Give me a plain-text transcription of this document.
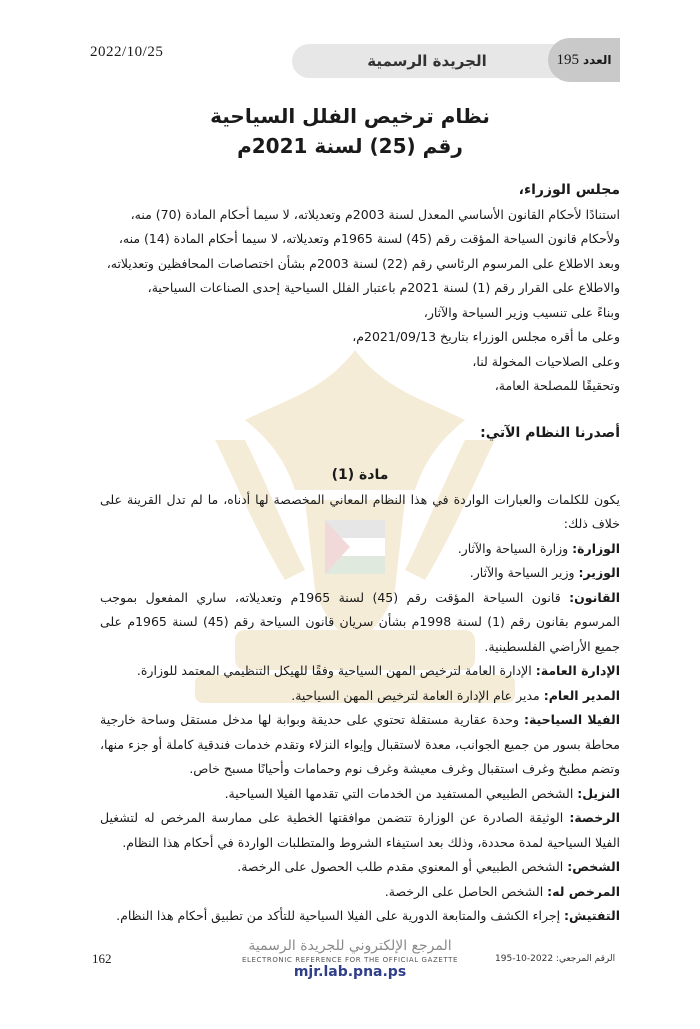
2022/10/25	الجريدة الرسمية	العدد
195
نظام ترخيص الفلل السياحية
رقم (25) لسنة 2021م
مجلس الوزراء،
استنادًا لأحكام القانون الأساسي المعدل لسنة 2003م وتعديلاته، لا سيما أحكام المادة (70) منه،
ولأحكام قانون السياحة المؤقت رقم (45) لسنة 1965م وتعديلاته، لا سيما أحكام المادة (14) منه،
وبعد الاطلاع على المرسوم الرئاسي رقم (22) لسنة 2003م بشأن اختصاصات المحافظين وتعديلاته،
والاطلاع على القرار رقم (1) لسنة 2021م باعتبار الفلل السياحية إحدى الصناعات السياحية،
وبناءً على تنسيب وزير السياحة والآثار،
وعلى ما أقره مجلس الوزراء بتاريخ 2021/09/13م،
وعلى الصلاحيات المخولة لنا،
وتحقيقًا للمصلحة العامة،
أصدرنا النظام الآتي:
مادة (1)
يكون للكلمات والعبارات الواردة في هذا النظام المعاني المخصصة لها أدناه، ما لم تدل القرينة على خلاف ذلك:
الوزارة: وزارة السياحة والآثار.
الوزير: وزير السياحة والآثار.
القانون: قانون السياحة المؤقت رقم (45) لسنة 1965م وتعديلاته، ساري المفعول بموجب المرسوم بقانون رقم (1) لسنة 1998م بشأن سريان قانون السياحة رقم (45) لسنة 1965م على جميع الأراضي الفلسطينية.
الإدارة العامة: الإدارة العامة لترخيص المهن السياحية وفقًا للهيكل التنظيمي المعتمد للوزارة.
المدير العام: مدير عام الإدارة العامة لترخيص المهن السياحية.
الفيلا السياحية: وحدة عقارية مستقلة تحتوي على حديقة وبوابة لها مدخل مستقل وساحة خارجية محاطة بسور من جميع الجوانب، معدة لاستقبال وإيواء النزلاء وتقدم خدمات فندقية كاملة أو جزء منها، وتضم مطبخ وغرف استقبال وغرف معيشة وغرف نوم وحمامات وأحيانًا مسبح خاص.
النزيل: الشخص الطبيعي المستفيد من الخدمات التي تقدمها الفيلا السياحية.
الرخصة: الوثيقة الصادرة عن الوزارة تتضمن موافقتها الخطية على ممارسة المرخص له لتشغيل الفيلا السياحية لمدة محددة، وذلك بعد استيفاء الشروط والمتطلبات الواردة في أحكام هذا النظام.
الشخص: الشخص الطبيعي أو المعنوي مقدم طلب الحصول على الرخصة.
المرخص له: الشخص الحاصل على الرخصة.
التفتيش: إجراء الكشف والمتابعة الدورية على الفيلا السياحية للتأكد من تطبيق أحكام هذا النظام.
162
المرجع الإلكتروني للجريدة الرسمية
ELECTRONIC REFERENCE FOR THE OFFICIAL GAZETTE
mjr.lab.pna.ps
الرقم المرجعي: 2022-10-195
